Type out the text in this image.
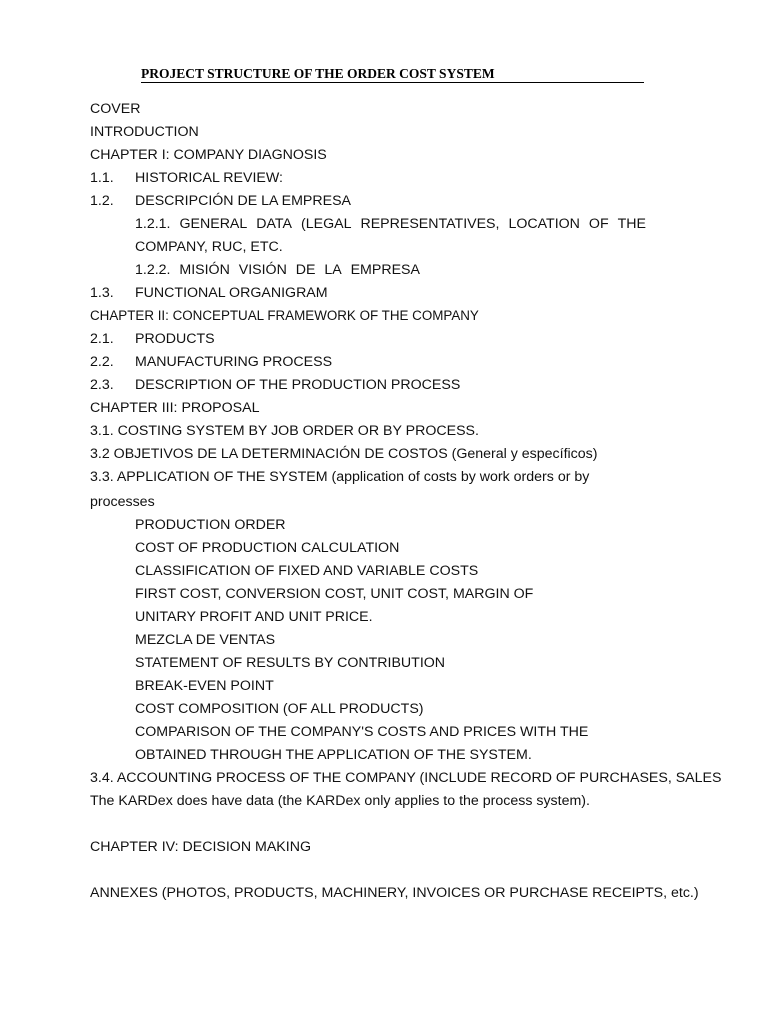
PROJECT STRUCTURE OF THE ORDER COST SYSTEM
COVER
INTRODUCTION
CHAPTER I: COMPANY DIAGNOSIS
1.1. HISTORICAL REVIEW:
1.2. DESCRIPCIÓN DE LA EMPRESA
1.2.1. GENERAL DATA (LEGAL REPRESENTATIVES, LOCATION OF THE
COMPANY, RUC, ETC.
1.2.2. MISIÓN VISIÓN DE LA EMPRESA
1.3. FUNCTIONAL ORGANIGRAM
CHAPTER II: CONCEPTUAL FRAMEWORK OF THE COMPANY
2.1. PRODUCTS
2.2. MANUFACTURING PROCESS
2.3. DESCRIPTION OF THE PRODUCTION PROCESS
CHAPTER III: PROPOSAL
3.1. COSTING SYSTEM BY JOB ORDER OR BY PROCESS.
3.2 OBJETIVOS DE LA DETERMINACIÓN DE COSTOS (General y específicos)
3.3. APPLICATION OF THE SYSTEM (application of costs by work orders or by
processes
PRODUCTION ORDER
COST OF PRODUCTION CALCULATION
CLASSIFICATION OF FIXED AND VARIABLE COSTS
FIRST COST, CONVERSION COST, UNIT COST, MARGIN OF
UNITARY PROFIT AND UNIT PRICE.
MEZCLA DE VENTAS
STATEMENT OF RESULTS BY CONTRIBUTION
BREAK-EVEN POINT
COST COMPOSITION (OF ALL PRODUCTS)
COMPARISON OF THE COMPANY'S COSTS AND PRICES WITH THE
OBTAINED THROUGH THE APPLICATION OF THE SYSTEM.
3.4. ACCOUNTING PROCESS OF THE COMPANY (INCLUDE RECORD OF PURCHASES, SALES
The KARDex does have data (the KARDex only applies to the process system).
CHAPTER IV: DECISION MAKING
ANNEXES (PHOTOS, PRODUCTS, MACHINERY, INVOICES OR PURCHASE RECEIPTS, etc.)
